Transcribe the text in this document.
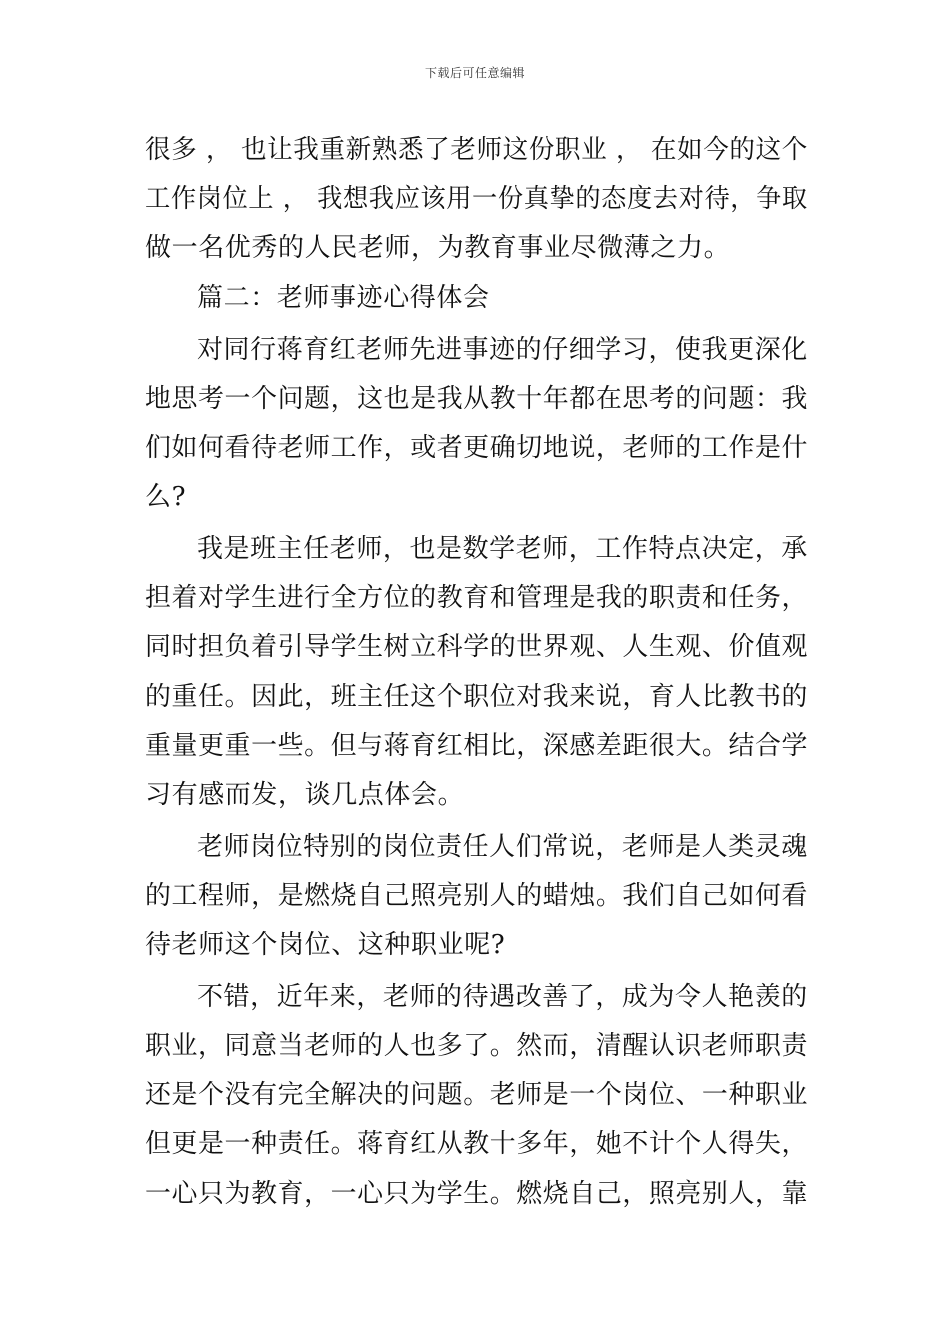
下载后可任意编辑
很多 ， 也让我重新熟悉了老师这份职业 ， 在如今的这个
工作岗位上 ， 我想我应该用一份真挚的态度去对待，争取
做一名优秀的人民老师，为教育事业尽微薄之力。
篇二：老师事迹心得体会
对同行蒋育红老师先进事迹的仔细学习，使我更深化
地思考一个问题，这也是我从教十年都在思考的问题：我
们如何看待老师工作，或者更确切地说，老师的工作是什
么?
我是班主任老师，也是数学老师，工作特点决定，承
担着对学生进行全方位的教育和管理是我的职责和任务，
同时担负着引导学生树立科学的世界观、人生观、价值观
的重任。因此，班主任这个职位对我来说，育人比教书的
重量更重一些。但与蒋育红相比，深感差距很大。结合学
习有感而发，谈几点体会。
老师岗位特别的岗位责任人们常说，老师是人类灵魂
的工程师，是燃烧自己照亮别人的蜡烛。我们自己如何看
待老师这个岗位、这种职业呢?
不错，近年来，老师的待遇改善了，成为令人艳羡的
职业，同意当老师的人也多了。然而，清醒认识老师职责
还是个没有完全解决的问题。老师是一个岗位、一种职业
但更是一种责任。蒋育红从教十多年，她不计个人得失，
一心只为教育，一心只为学生。燃烧自己，照亮别人，靠
